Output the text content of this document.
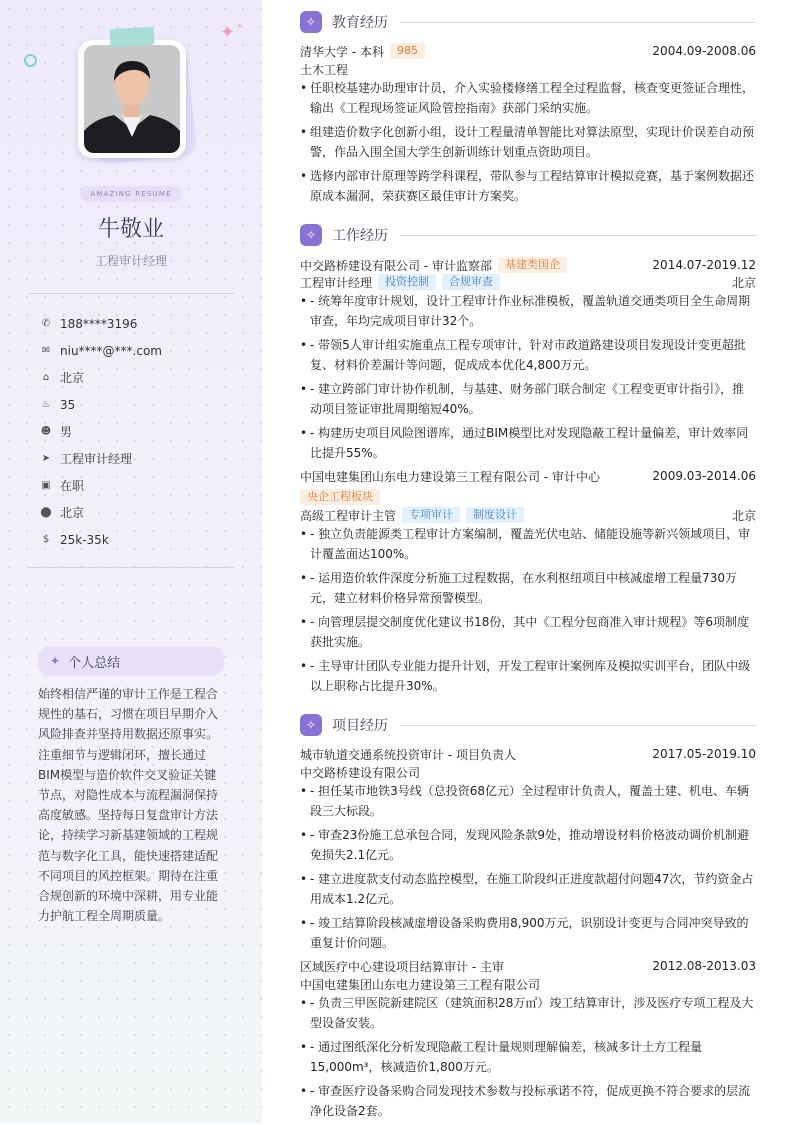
✦ ✦
AMAZING RESUME
牛敬业
工程审计经理
✆ 188****3196
✉ niu****@***.com
⌂ 北京
♨ 35
☻ 男
➤ 工程审计经理
▣ 在职
⬤ 北京
$ 25k-35k
✦ 个人总结
始终相信严谨的审计工作是工程合规性的基石，习惯在项目早期介入风险排查并坚持用数据还原事实。注重细节与逻辑闭环，擅长通过BIM模型与造价软件交叉验证关键节点，对隐性成本与流程漏洞保持高度敏感。坚持每日复盘审计方法论，持续学习新基建领域的工程规范与数字化工具，能快速搭建适配不同项目的风控框架。期待在注重合规创新的环境中深耕，用专业能力护航工程全周期质量。
✧	教育经历
清华大学 - 本科	985	2004.09-2008.06
土木工程
• 任职校基建办助理审计员，介入实验楼修缮工程全过程监督，核查变更签证合理性，输出《工程现场签证风险管控指南》获部门采纳实施。
• 组建造价数字化创新小组，设计工程量清单智能比对算法原型，实现计价误差自动预警，作品入围全国大学生创新训练计划重点资助项目。
• 选修内部审计原理等跨学科课程，带队参与工程结算审计模拟竞赛，基于案例数据还原成本漏洞，荣获赛区最佳审计方案奖。
✧	工作经历
中交路桥建设有限公司 - 审计监察部	基建类国企	2014.07-2019.12
工程审计经理	投资控制	合规审查	北京
• - 统筹年度审计规划，设计工程审计作业标准模板，覆盖轨道交通类项目全生命周期审查，年均完成项目审计32个。
• - 带领5人审计组实施重点工程专项审计，针对市政道路建设项目发现设计变更超批复、材料价差漏计等问题，促成成本优化4,800万元。
• - 建立跨部门审计协作机制，与基建、财务部门联合制定《工程变更审计指引》，推动项目签证审批周期缩短40%。
• - 构建历史项目风险图谱库，通过BIM模型比对发现隐蔽工程计量偏差，审计效率同比提升55%。
中国电建集团山东电力建设第三工程有限公司 - 审计中心	2009.03-2014.06
央企工程板块
高级工程审计主管	专项审计	制度设计	北京
• - 独立负责能源类工程审计方案编制，覆盖光伏电站、储能设施等新兴领域项目，审计覆盖面达100%。
• - 运用造价软件深度分析施工过程数据，在水利枢纽项目中核减虚增工程量730万元，建立材料价格异常预警模型。
• - 向管理层提交制度优化建议书18份，其中《工程分包商准入审计规程》等6项制度获批实施。
• - 主导审计团队专业能力提升计划，开发工程审计案例库及模拟实训平台，团队中级以上职称占比提升30%。
✧	项目经历
城市轨道交通系统投资审计 - 项目负责人	2017.05-2019.10
中交路桥建设有限公司
• - 担任某市地铁3号线（总投资68亿元）全过程审计负责人，覆盖土建、机电、车辆段三大标段。
• - 审查23份施工总承包合同，发现风险条款9处，推动增设材料价格波动调价机制避免损失2.1亿元。
• - 建立进度款支付动态监控模型，在施工阶段纠正进度款超付问题47次，节约资金占用成本1.2亿元。
• - 竣工结算阶段核减虚增设备采购费用8,900万元，识别设计变更与合同冲突导致的重复计价问题。
区域医疗中心建设项目结算审计 - 主审	2012.08-2013.03
中国电建集团山东电力建设第三工程有限公司
• - 负责三甲医院新建院区（建筑面积28万㎡）竣工结算审计，涉及医疗专项工程及大型设备安装。
• - 通过图纸深化分析发现隐蔽工程计量规则理解偏差，核减多计土方工程量15,000m³，核减造价1,800万元。
• - 审查医疗设备采购合同发现技术参数与投标承诺不符，促成更换不符合要求的层流净化设备2套。
